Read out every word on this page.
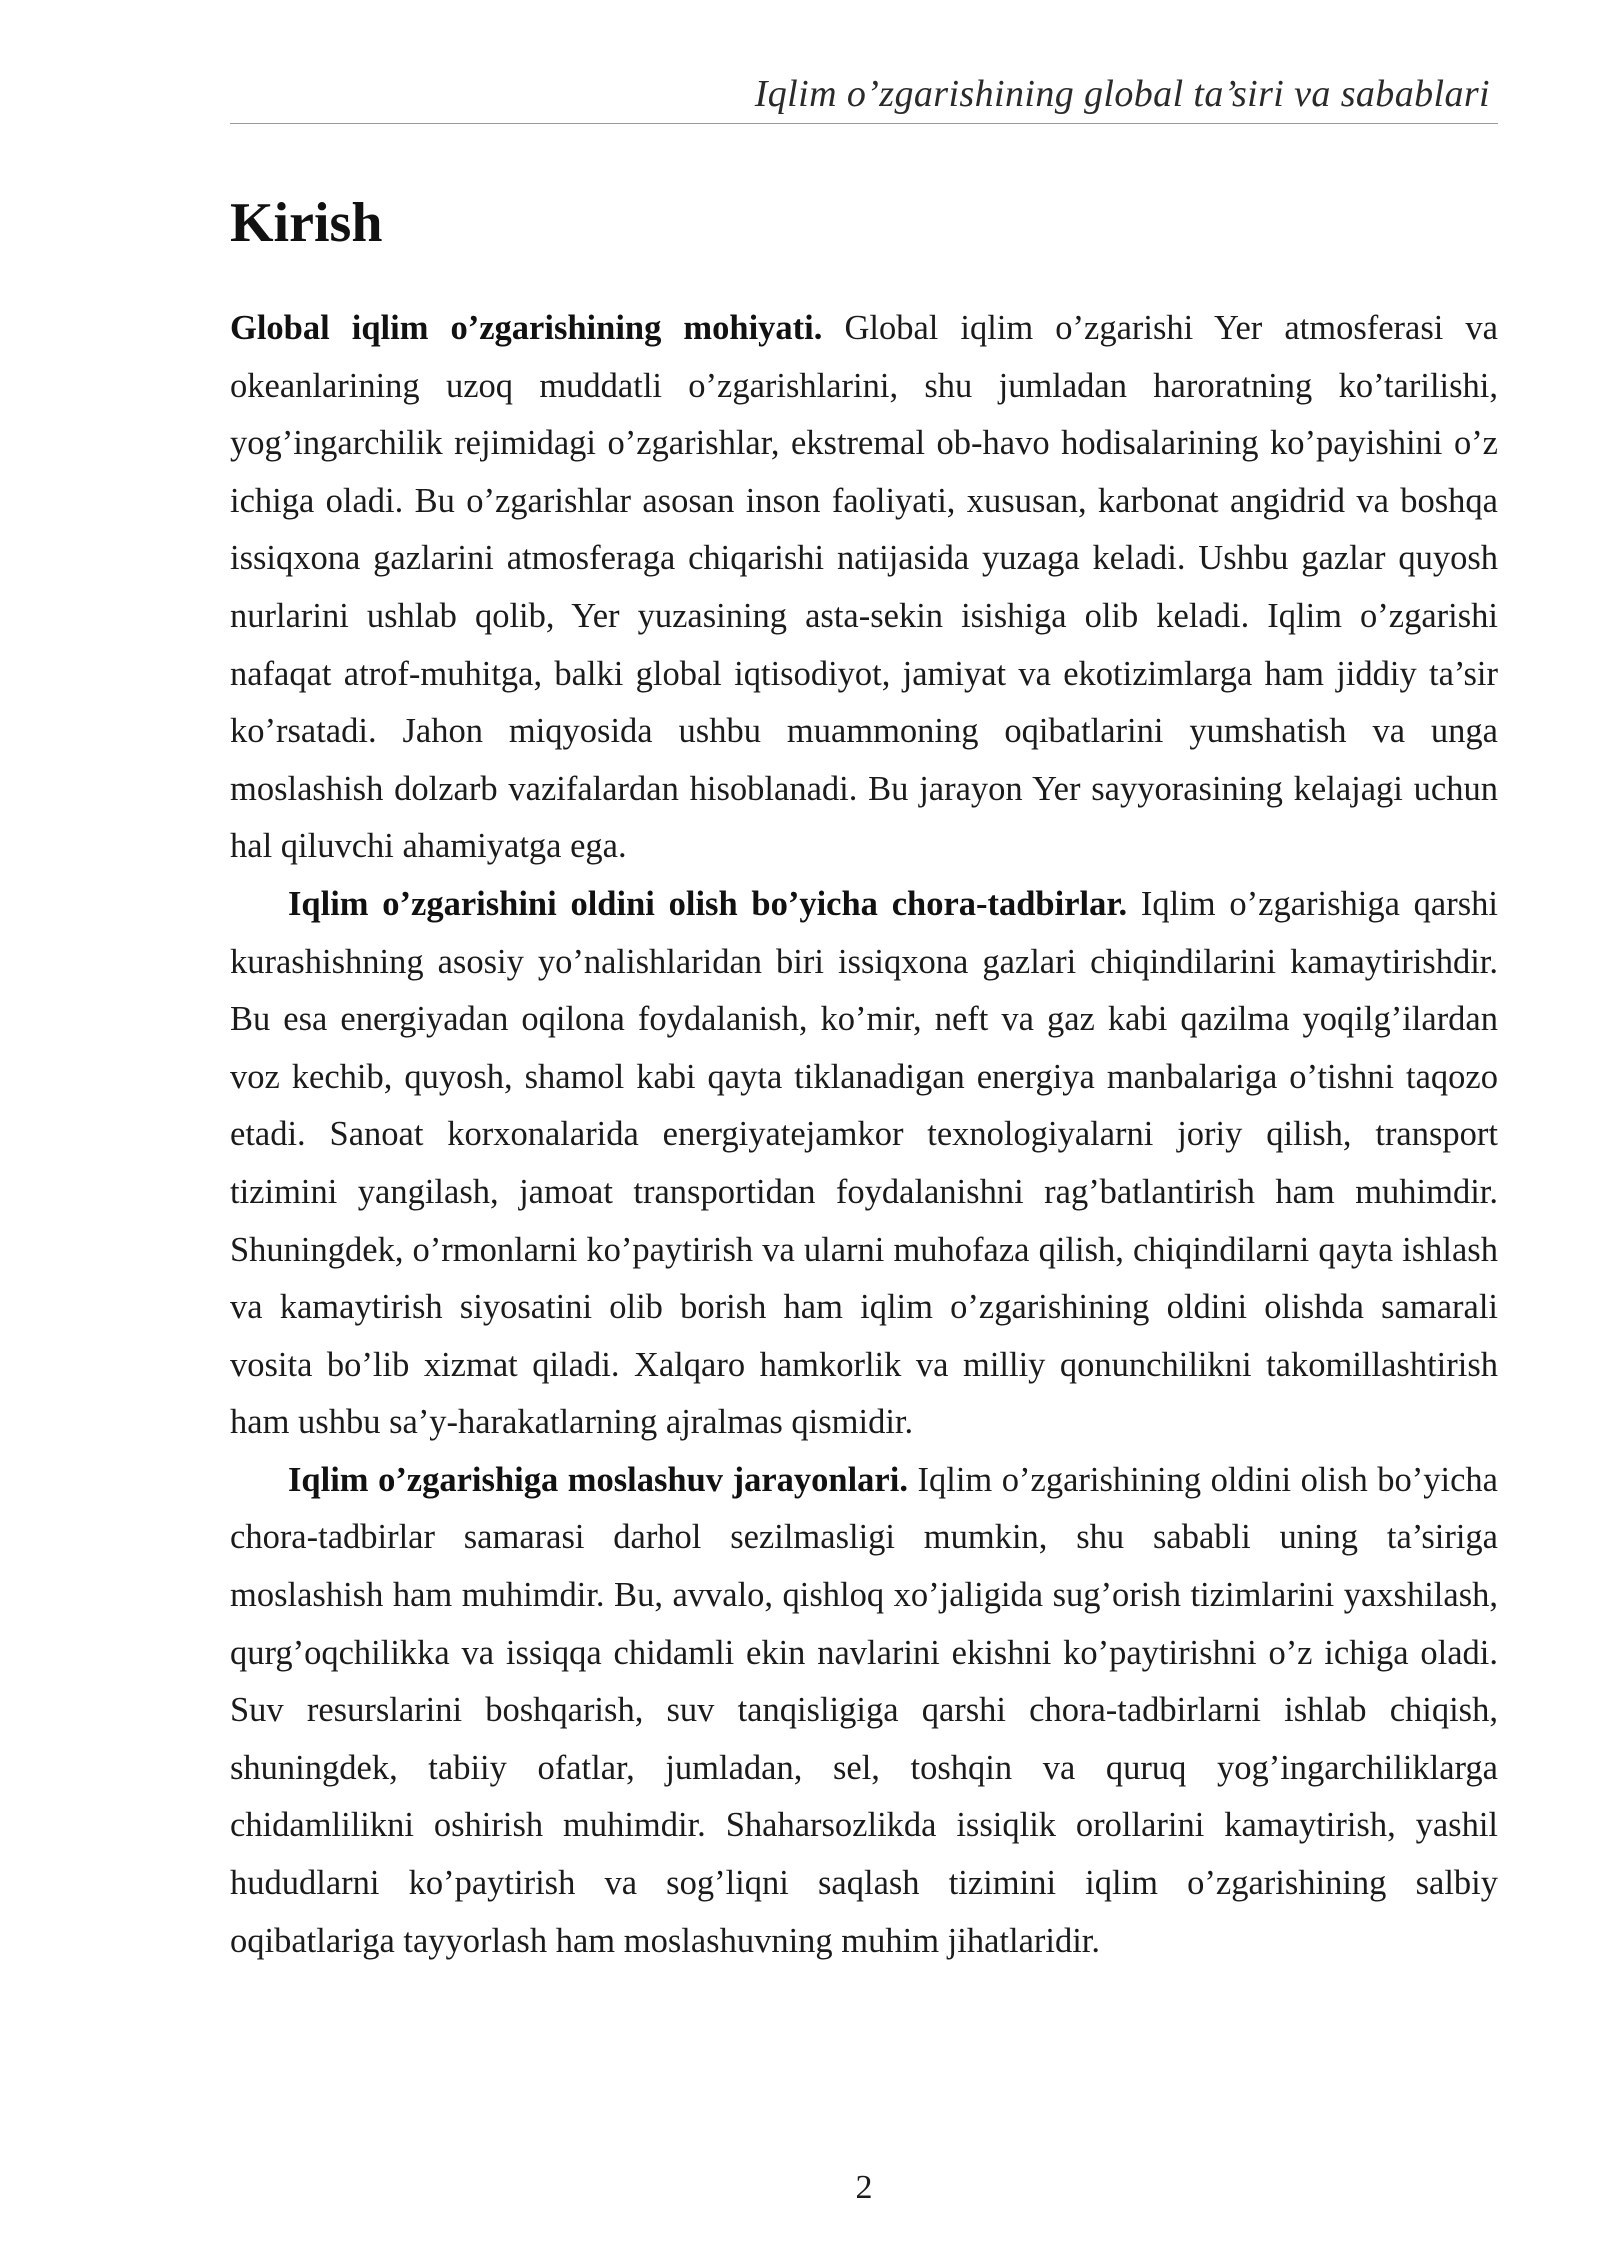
Iqlim o’zgarishining global ta’siri va sabablari
Kirish

Global iqlim o’zgarishining mohiyati. Global iqlim o’zgarishi Yer atmosferasi va okeanlarining uzoq muddatli o’zgarishlarini, shu jumladan haroratning ko’tarilishi, yog’ingarchilik rejimidagi o’zgarishlar, ekstremal ob-havo hodisalarining ko’payishini o’z ichiga oladi. Bu o’zgarishlar asosan inson faoliyati, xususan, karbonat angidrid va boshqa issiqxona gazlarini atmosferaga chiqarishi natijasida yuzaga keladi. Ushbu gazlar quyosh nurlarini ushlab qolib, Yer yuzasining asta-sekin isishiga olib keladi. Iqlim o’zgarishi nafaqat atrof-muhitga, balki global iqtisodiyot, jamiyat va ekotizimlarga ham jiddiy ta’sir ko’rsatadi. Jahon miqyosida ushbu muammoning oqibatlarini yumshatish va unga moslashish dolzarb vazifalardan hisoblanadi. Bu jarayon Yer sayyorasining kelajagi uchun hal qiluvchi ahamiyatga ega.

Iqlim o’zgarishini oldini olish bo’yicha chora-tadbirlar. Iqlim o’zgarishiga qarshi kurashishning asosiy yo’nalishlaridan biri issiqxona gazlari chiqindilarini kamaytirishdir. Bu esa energiyadan oqilona foydalanish, ko’mir, neft va gaz kabi qazilma yoqilg’ilardan voz kechib, quyosh, shamol kabi qayta tiklanadigan energiya manbalariga o’tishni taqozo etadi. Sanoat korxonalarida energiyatejamkor texnologiyalarni joriy qilish, transport tizimini yangilash, jamoat transportidan foydalanishni rag’batlantirish ham muhimdir. Shuningdek, o’rmonlarni ko’paytirish va ularni muhofaza qilish, chiqindilarni qayta ishlash va kamaytirish siyosatini olib borish ham iqlim o’zgarishining oldini olishda samarali vosita bo’lib xizmat qiladi. Xalqaro hamkorlik va milliy qonunchilikni takomillashtirish ham ushbu sa’y-harakatlarning ajralmas qismidir.

Iqlim o’zgarishiga moslashuv jarayonlari. Iqlim o’zgarishining oldini olish bo’yicha chora-tadbirlar samarasi darhol sezilmasligi mumkin, shu sababli uning ta’siriga moslashish ham muhimdir. Bu, avvalo, qishloq xo’jaligida sug’orish tizimlarini yaxshilash, qurg’oqchilikka va issiqqa chidamli ekin navlarini ekishni ko’paytirishni o’z ichiga oladi. Suv resurslarini boshqarish, suv tanqisligiga qarshi chora-tadbirlarni ishlab chiqish, shuningdek, tabiiy ofatlar, jumladan, sel, toshqin va quruq yog’ingarchiliklarga chidamlilikni oshirish muhimdir. Shaharsozlikda issiqlik orollarini kamaytirish, yashil hududlarni ko’paytirish va sog’liqni saqlash tizimini iqlim o’zgarishining salbiy oqibatlariga tayyorlash ham moslashuvning muhim jihatlaridir.

2
